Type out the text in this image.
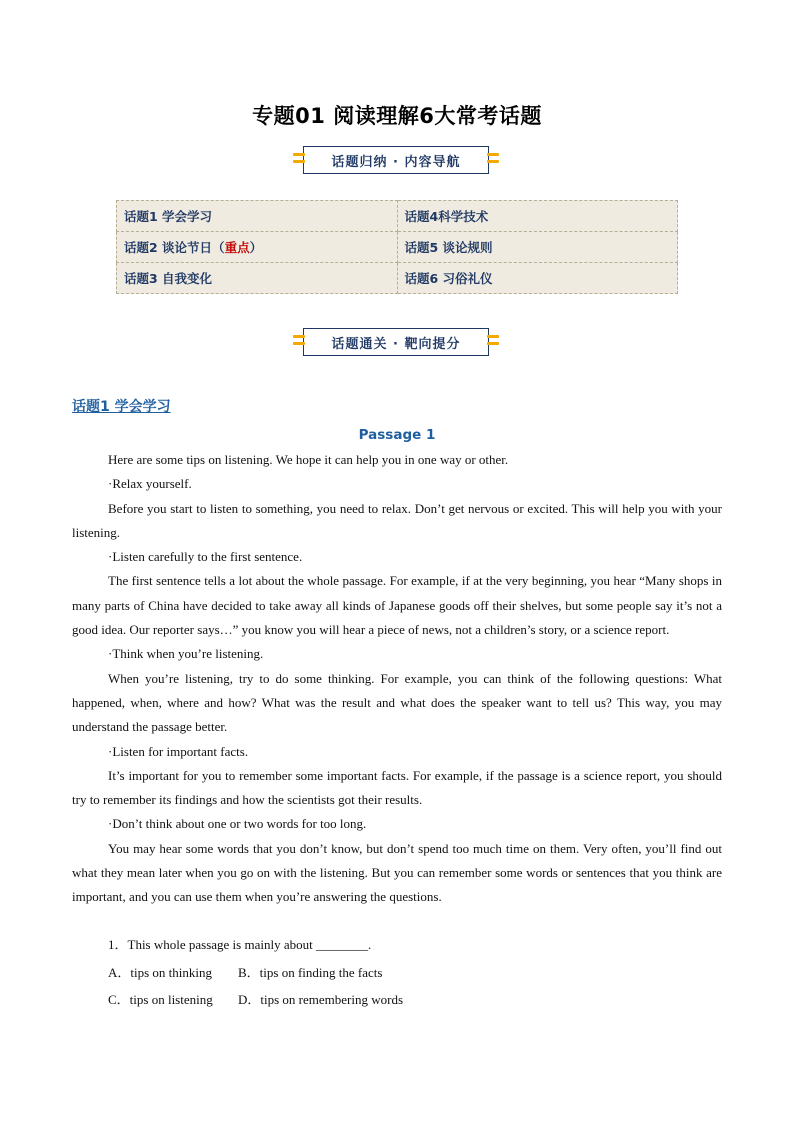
专题01 阅读理解6大常考话题
话题归纳 · 内容导航
话题1 学会学习	话题4科学技术
话题2 谈论节日（重点）	话题5 谈论规则
话题3 自我变化	话题6 习俗礼仪
话题通关 · 靶向提分
话题1 学会学习
Passage 1

Here are some tips on listening. We hope it can help you in one way or other.

·Relax yourself.

Before you start to listen to something, you need to relax. Don’t get nervous or excited. This will help you with your listening.

·Listen carefully to the first sentence.

The first sentence tells a lot about the whole passage. For example, if at the very beginning, you hear “Many shops in many parts of China have decided to take away all kinds of Japanese goods off their shelves, but some people say it’s not a good idea. Our reporter says…” you know you will hear a piece of news, not a children’s story, or a science report.

·Think when you’re listening.

When you’re listening, try to do some thinking. For example, you can think of the following questions: What happened, when, where and how? What was the result and what does the speaker want to tell us? This way, you may understand the passage better.

·Listen for important facts.

It’s important for you to remember some important facts. For example, if the passage is a science report, you should try to remember its findings and how the scientists got their results.

·Don’t think about one or two words for too long.

You may hear some words that you don’t know, but don’t spend too much time on them. Very often, you’ll find out what they mean later when you go on with the listening. But you can remember some words or sentences that you think are important, and you can use them when you’re answering the questions.

1．This whole passage is mainly about ________.
A．tips on thinking B．tips on finding the facts
C．tips on listening D．tips on remembering words
